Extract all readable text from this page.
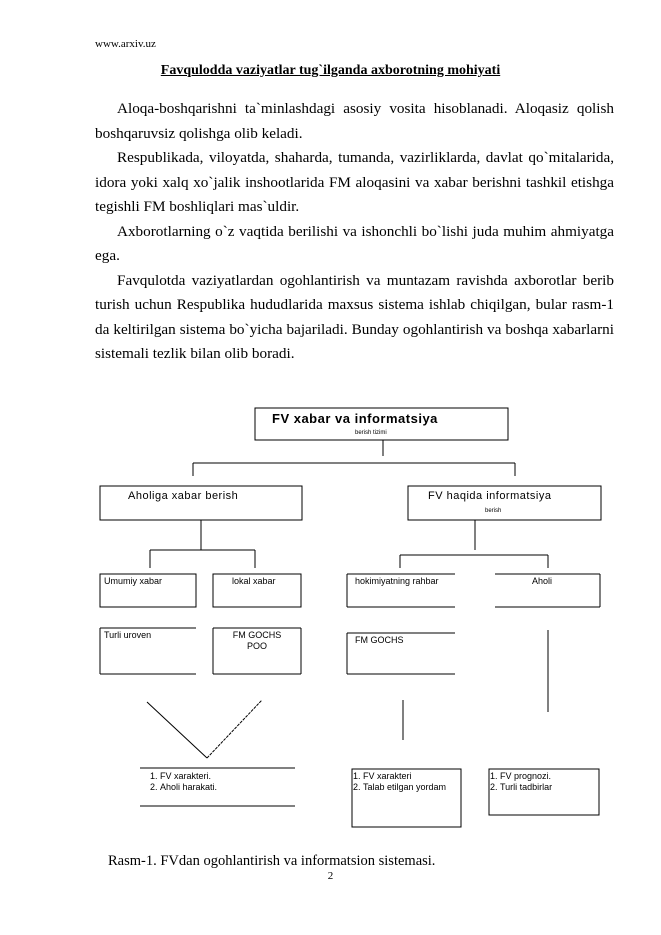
www.arxiv.uz
Favqulodda vaziyatlar tug`ilganda axborotning mohiyati

Aloqa-boshqarishni ta`minlashdagi asosiy vosita hisoblanadi. Aloqasiz qolish boshqaruvsiz qolishga olib keladi.

Respublikada, viloyatda, shaharda, tumanda, vazirliklarda, davlat qo`mitalarida, idora yoki xalq xo`jalik inshootlarida FM aloqasini va xabar berishni tashkil etishga tegishli FM boshliqlari mas`uldir.

Axborotlarning o`z vaqtida berilishi va ishonchli bo`lishi juda muhim ahmiyatga ega.

Favqulotda vaziyatlardan ogohlantirish va muntazam ravishda axborotlar berib turish uchun Respublika hududlarida maxsus sistema ishlab chiqilgan, bular rasm-1 da keltirilgan sistema bo`yicha bajariladi. Bunday ogohlantirish va boshqa xabarlarni sistemali tezlik bilan olib boradi.

FV xabar va informatsiya
berish tizimi
Aholiga xabar berish	FV haqida informatsiya
berish
Umumiy xabar	lokal xabar	hokimiyatning rahbar	Aholi
Turli uroven	FM GOCHS POO
FM GOCHS
1. FV xarakteri.
2. Aholi harakati.
1. FV xarakteri
2. Talab etilgan yordam
1. FV prognozi.
2. Turli tadbirlar
Rasm-1. FVdan ogohlantirish va informatsion sistemasi.
2
